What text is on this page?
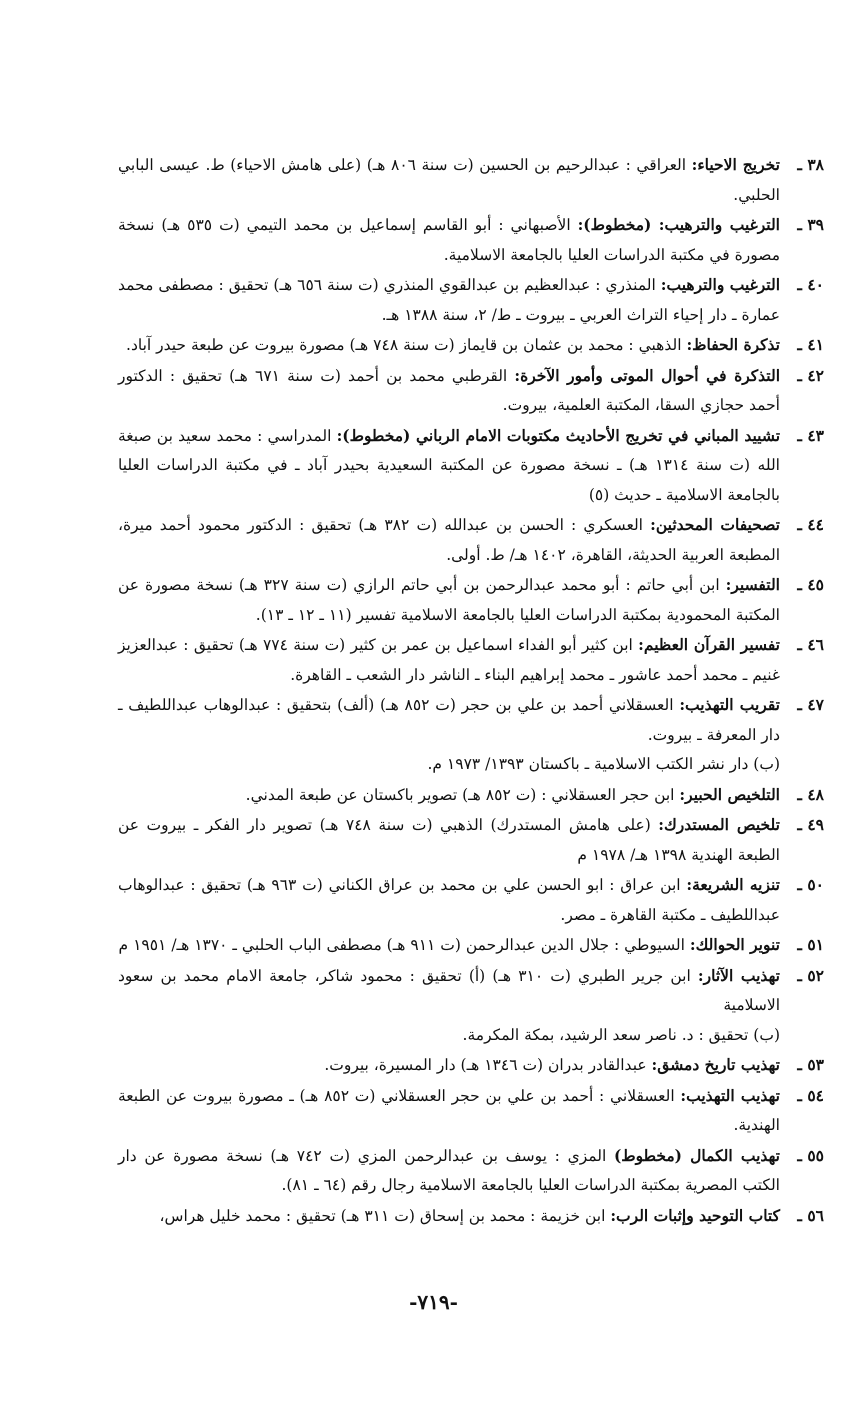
٣٨ ـ
تخريج الاحياء: العراقي : عبدالرحيم بن الحسين (ت سنة ٨٠٦ هـ) (على هامش الاحياء) ط. عيسى البابي الحلبي.
٣٩ ـ
الترغيب والترهيب: (مخطوط): الأصبهاني : أبو القاسم إسماعيل بن محمد التيمي (ت ٥٣٥ هـ) نسخة مصورة في مكتبة الدراسات العليا بالجامعة الاسلامية.
٤٠ ـ
الترغيب والترهيب: المنذري : عبدالعظيم بن عبدالقوي المنذري (ت سنة ٦٥٦ هـ) تحقيق : مصطفى محمد عمارة ـ دار إحياء التراث العربي ـ بيروت ـ ط/ ٢، سنة ١٣٨٨ هـ.
٤١ ـ
تذكرة الحفاظ: الذهبي : محمد بن عثمان بن قايماز (ت سنة ٧٤٨ هـ) مصورة بيروت عن طبعة حيدر آباد.
٤٢ ـ
التذكرة في أحوال الموتى وأمور الآخرة: القرطبي محمد بن أحمد (ت سنة ٦٧١ هـ) تحقيق : الدكتور أحمد حجازي السقا، المكتبة العلمية، بيروت.
٤٣ ـ
تشييد المباني في تخريج الأحاديث مكتوبات الامام الرباني (مخطوط): المدراسي : محمد سعيد بن صبغة الله (ت سنة ١٣١٤ هـ) ـ نسخة مصورة عن المكتبة السعيدية بحيدر آباد ـ في مكتبة الدراسات العليا بالجامعة الاسلامية ـ حديث (٥)
٤٤ ـ
تصحيفات المحدثين: العسكري : الحسن بن عبدالله (ت ٣٨٢ هـ) تحقيق : الدكتور محمود أحمد ميرة، المطبعة العربية الحديثة، القاهرة، ١٤٠٢ هـ/ ط. أولى.
٤٥ ـ
التفسير: ابن أبي حاتم : أبو محمد عبدالرحمن بن أبي حاتم الرازي (ت سنة ٣٢٧ هـ) نسخة مصورة عن المكتبة المحمودية بمكتبة الدراسات العليا بالجامعة الاسلامية تفسير (١١ ـ ١٢ ـ ١٣).
٤٦ ـ
تفسير القرآن العظيم: ابن كثير أبو الفداء اسماعيل بن عمر بن كثير (ت سنة ٧٧٤ هـ) تحقيق : عبدالعزيز غنيم ـ محمد أحمد عاشور ـ محمد إبراهيم البناء ـ الناشر دار الشعب ـ القاهرة.
٤٧ ـ
تقريب التهذيب: العسقلاني أحمد بن علي بن حجر (ت ٨٥٢ هـ) (ألف) بتحقيق : عبدالوهاب عبداللطيف ـ دار المعرفة ـ بيروت.
(ب) دار نشر الكتب الاسلامية ـ باكستان ١٣٩٣/ ١٩٧٣ م.
٤٨ ـ
التلخيص الحبير: ابن حجر العسقلاني : (ت ٨٥٢ هـ) تصوير باكستان عن طبعة المدني.
٤٩ ـ
تلخيص المستدرك: (على هامش المستدرك) الذهبي (ت سنة ٧٤٨ هـ) تصوير دار الفكر ـ بيروت عن الطبعة الهندية ١٣٩٨ هـ/ ١٩٧٨ م
٥٠ ـ
تنزيه الشريعة: ابن عراق : ابو الحسن علي بن محمد بن عراق الكناني (ت ٩٦٣ هـ) تحقيق : عبدالوهاب عبداللطيف ـ مكتبة القاهرة ـ مصر.
٥١ ـ
تنوير الحوالك: السيوطي : جلال الدين عبدالرحمن (ت ٩١١ هـ) مصطفى الباب الحلبي ـ ١٣٧٠ هـ/ ١٩٥١ م
٥٢ ـ
تهذيب الآثار: ابن جرير الطبري (ت ٣١٠ هـ) (أ) تحقيق : محمود شاكر، جامعة الامام محمد بن سعود الاسلامية
(ب) تحقيق : د. ناصر سعد الرشيد، بمكة المكرمة.
٥٣ ـ
تهذيب تاريخ دمشق: عبدالقادر بدران (ت ١٣٤٦ هـ) دار المسيرة، بيروت.
٥٤ ـ
تهذيب التهذيب: العسقلاني : أحمد بن علي بن حجر العسقلاني (ت ٨٥٢ هـ) ـ مصورة بيروت عن الطبعة الهندية.
٥٥ ـ
تهذيب الكمال (مخطوط) المزي : يوسف بن عبدالرحمن المزي (ت ٧٤٢ هـ) نسخة مصورة عن دار الكتب المصرية بمكتبة الدراسات العليا بالجامعة الاسلامية رجال رقم (٦٤ ـ ٨١).
٥٦ ـ
كتاب التوحيد وإثبات الرب: ابن خزيمة : محمد بن إسحاق (ت ٣١١ هـ) تحقيق : محمد خليل هراس،
-٧١٩-
